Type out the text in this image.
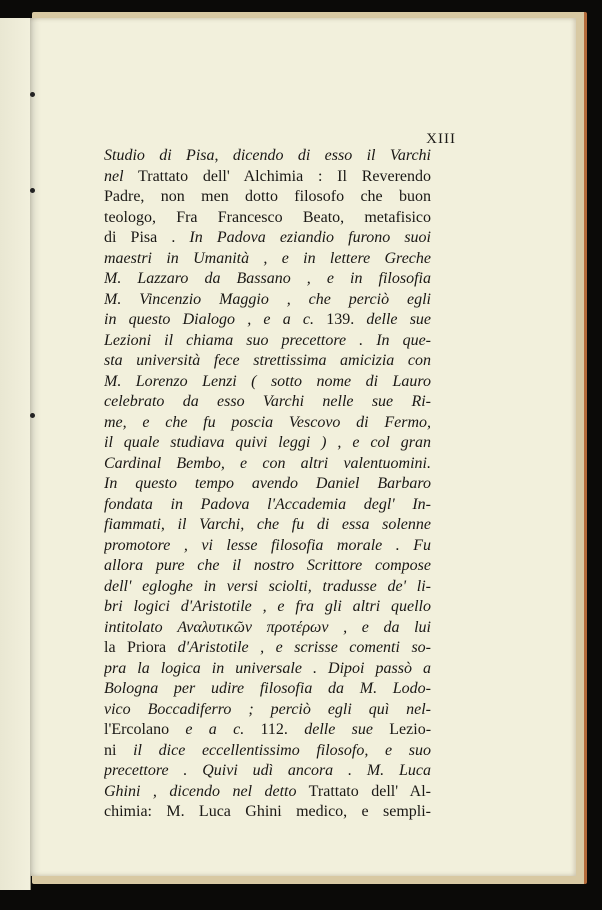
XIII
Studio di Pisa, dicendo di esso il Varchi
nel Trattato dell' Alchimia : Il Reverendo
Padre, non men dotto filosofo che buon
teologo, Fra Francesco Beato, metafisico
di Pisa . In Padova eziandio furono suoi
maestri in Umanità , e in lettere Greche
M. Lazzaro da Bassano , e in filosofia
M. Vincenzio Maggio , che perciò egli
in questo Dialogo , e a c. 139. delle sue
Lezioni il chiama suo precettore . In que-
sta università fece strettissima amicizia con
M. Lorenzo Lenzi ( sotto nome di Lauro
celebrato da esso Varchi nelle sue Ri-
me, e che fu poscia Vescovo di Fermo,
il quale studiava quivi leggi ) , e col gran
Cardinal Bembo, e con altri valentuomini.
In questo tempo avendo Daniel Barbaro
fondata in Padova l'Accademia degl' In-
fiammati, il Varchi, che fu di essa solenne
promotore , vi lesse filosofia morale . Fu
allora pure che il nostro Scrittore compose
dell' egloghe in versi sciolti, tradusse de' li-
bri logici d'Aristotile , e fra gli altri quello
intitolato Αναλυτικῶν προτέρων , e da lui
la Priora d'Aristotile , e scrisse comenti so-
pra la logica in universale . Dipoi passò a
Bologna per udire filosofia da M. Lodo-
vico Boccadiferro ; perciò egli quì nel-
l'Ercolano e a c. 112. delle sue Lezio-
ni il dice eccellentissimo filosofo, e suo
precettore . Quivi udì ancora . M. Luca
Ghini , dicendo nel detto Trattato dell' Al-
chimia: M. Luca Ghini medico, e sempli-
